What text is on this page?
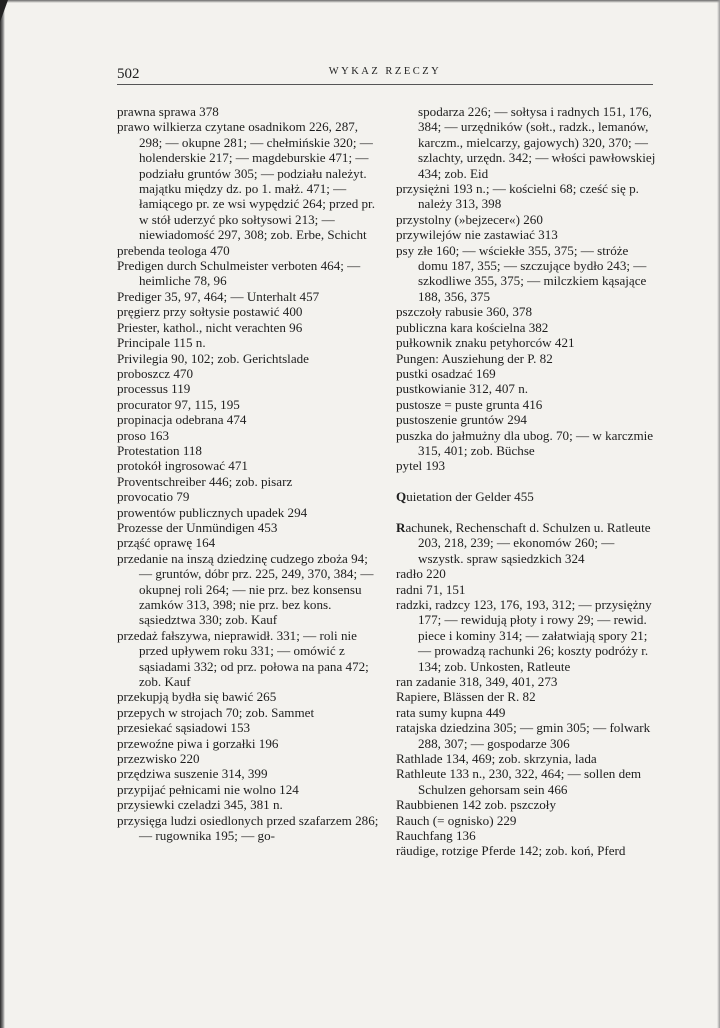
502	WYKAZ RZECZY

prawna sprawa 378

prawo wilkierza czytane osadnikom 226, 287, 298; — okupne 281; — chełmińskie 320; — holenderskie 217; — magdeburskie 471; — podziału gruntów 305; — podziału należyt. majątku między dz. po 1. małż. 471; — łamiącego pr. ze wsi wypędzić 264; przed pr. w stół uderzyć pko sołtysowi 213; — niewiadomość 297, 308; zob. Erbe, Schicht

prebenda teologa 470

Predigen durch Schulmeister verboten 464; — heimliche 78, 96

Prediger 35, 97, 464; — Unterhalt 457

pręgierz przy sołtysie postawić 400

Priester, kathol., nicht verachten 96

Principale 115 n.

Privilegia 90, 102; zob. Gerichtslade

proboszcz 470

processus 119

procurator 97, 115, 195

propinacja odebrana 474

proso 163

Protestation 118

protokół ingrosować 471

Proventschreiber 446; zob. pisarz

provocatio 79

prowentów publicznych upadek 294

Prozesse der Unmündigen 453

prząść oprawę 164

przedanie na inszą dziedzinę cudzego zboża 94; — gruntów, dóbr prz. 225, 249, 370, 384; — okupnej roli 264; — nie prz. bez konsensu zamków 313, 398; nie prz. bez kons. sąsiedztwa 330; zob. Kauf

przedaż fałszywa, nieprawidł. 331; — roli nie przed upływem roku 331; — omówić z sąsiadami 332; od prz. połowa na pana 472; zob. Kauf

przekupją bydła się bawić 265

przepych w strojach 70; zob. Sammet

przesiekać sąsiadowi 153

przewoźne piwa i gorzałki 196

przezwisko 220

przędziwa suszenie 314, 399

przypijać pełnicami nie wolno 124

przysiewki czeladzi 345, 381 n.

przysięga ludzi osiedlonych przed szafarzem 286; — rugownika 195; — go-

spodarza 226; — sołtysa i radnych 151, 176, 384; — urzędników (sołt., radzk., lemanów, karczm., mielcarzy, gajowych) 320, 370; — szlachty, urzędn. 342; — włości pawłowskiej 434; zob. Eid

przysiężni 193 n.; — kościelni 68; cześć się p. należy 313, 398

przystolny (»bejzecer«) 260

przywilejów nie zastawiać 313

psy złe 160; — wściekłe 355, 375; — stróże domu 187, 355; — szczujące bydło 243; — szkodliwe 355, 375; — milczkiem kąsające 188, 356, 375

pszczoły rabusie 360, 378

publiczna kara kościelna 382

pułkownik znaku petyhorców 421

Pungen: Ausziehung der P. 82

pustki osadzać 169

pustkowianie 312, 407 n.

pustosze = puste grunta 416

pustoszenie gruntów 294

puszka do jałmużny dla ubog. 70; — w karczmie 315, 401; zob. Büchse

pytel 193

Quietation der Gelder 455

Rachunek, Rechenschaft d. Schulzen u. Ratleute 203, 218, 239; — ekonomów 260; — wszystk. spraw sąsiedzkich 324

radło 220

radni 71, 151

radzki, radzcy 123, 176, 193, 312; — przysiężny 177; — rewidują płoty i rowy 29; — rewid. piece i kominy 314; — załatwiają spory 21; — prowadzą rachunki 26; koszty podróży r. 134; zob. Unkosten, Ratleute

ran zadanie 318, 349, 401, 273

Rapiere, Blässen der R. 82

rata sumy kupna 449

ratajska dziedzina 305; — gmin 305; — folwark 288, 307; — gospodarze 306

Rathlade 134, 469; zob. skrzynia, lada

Rathleute 133 n., 230, 322, 464; — sollen dem Schulzen gehorsam sein 466

Raubbienen 142 zob. pszczoły

Rauch (= ognisko) 229

Rauchfang 136

räudige, rotzige Pferde 142; zob. koń, Pferd
